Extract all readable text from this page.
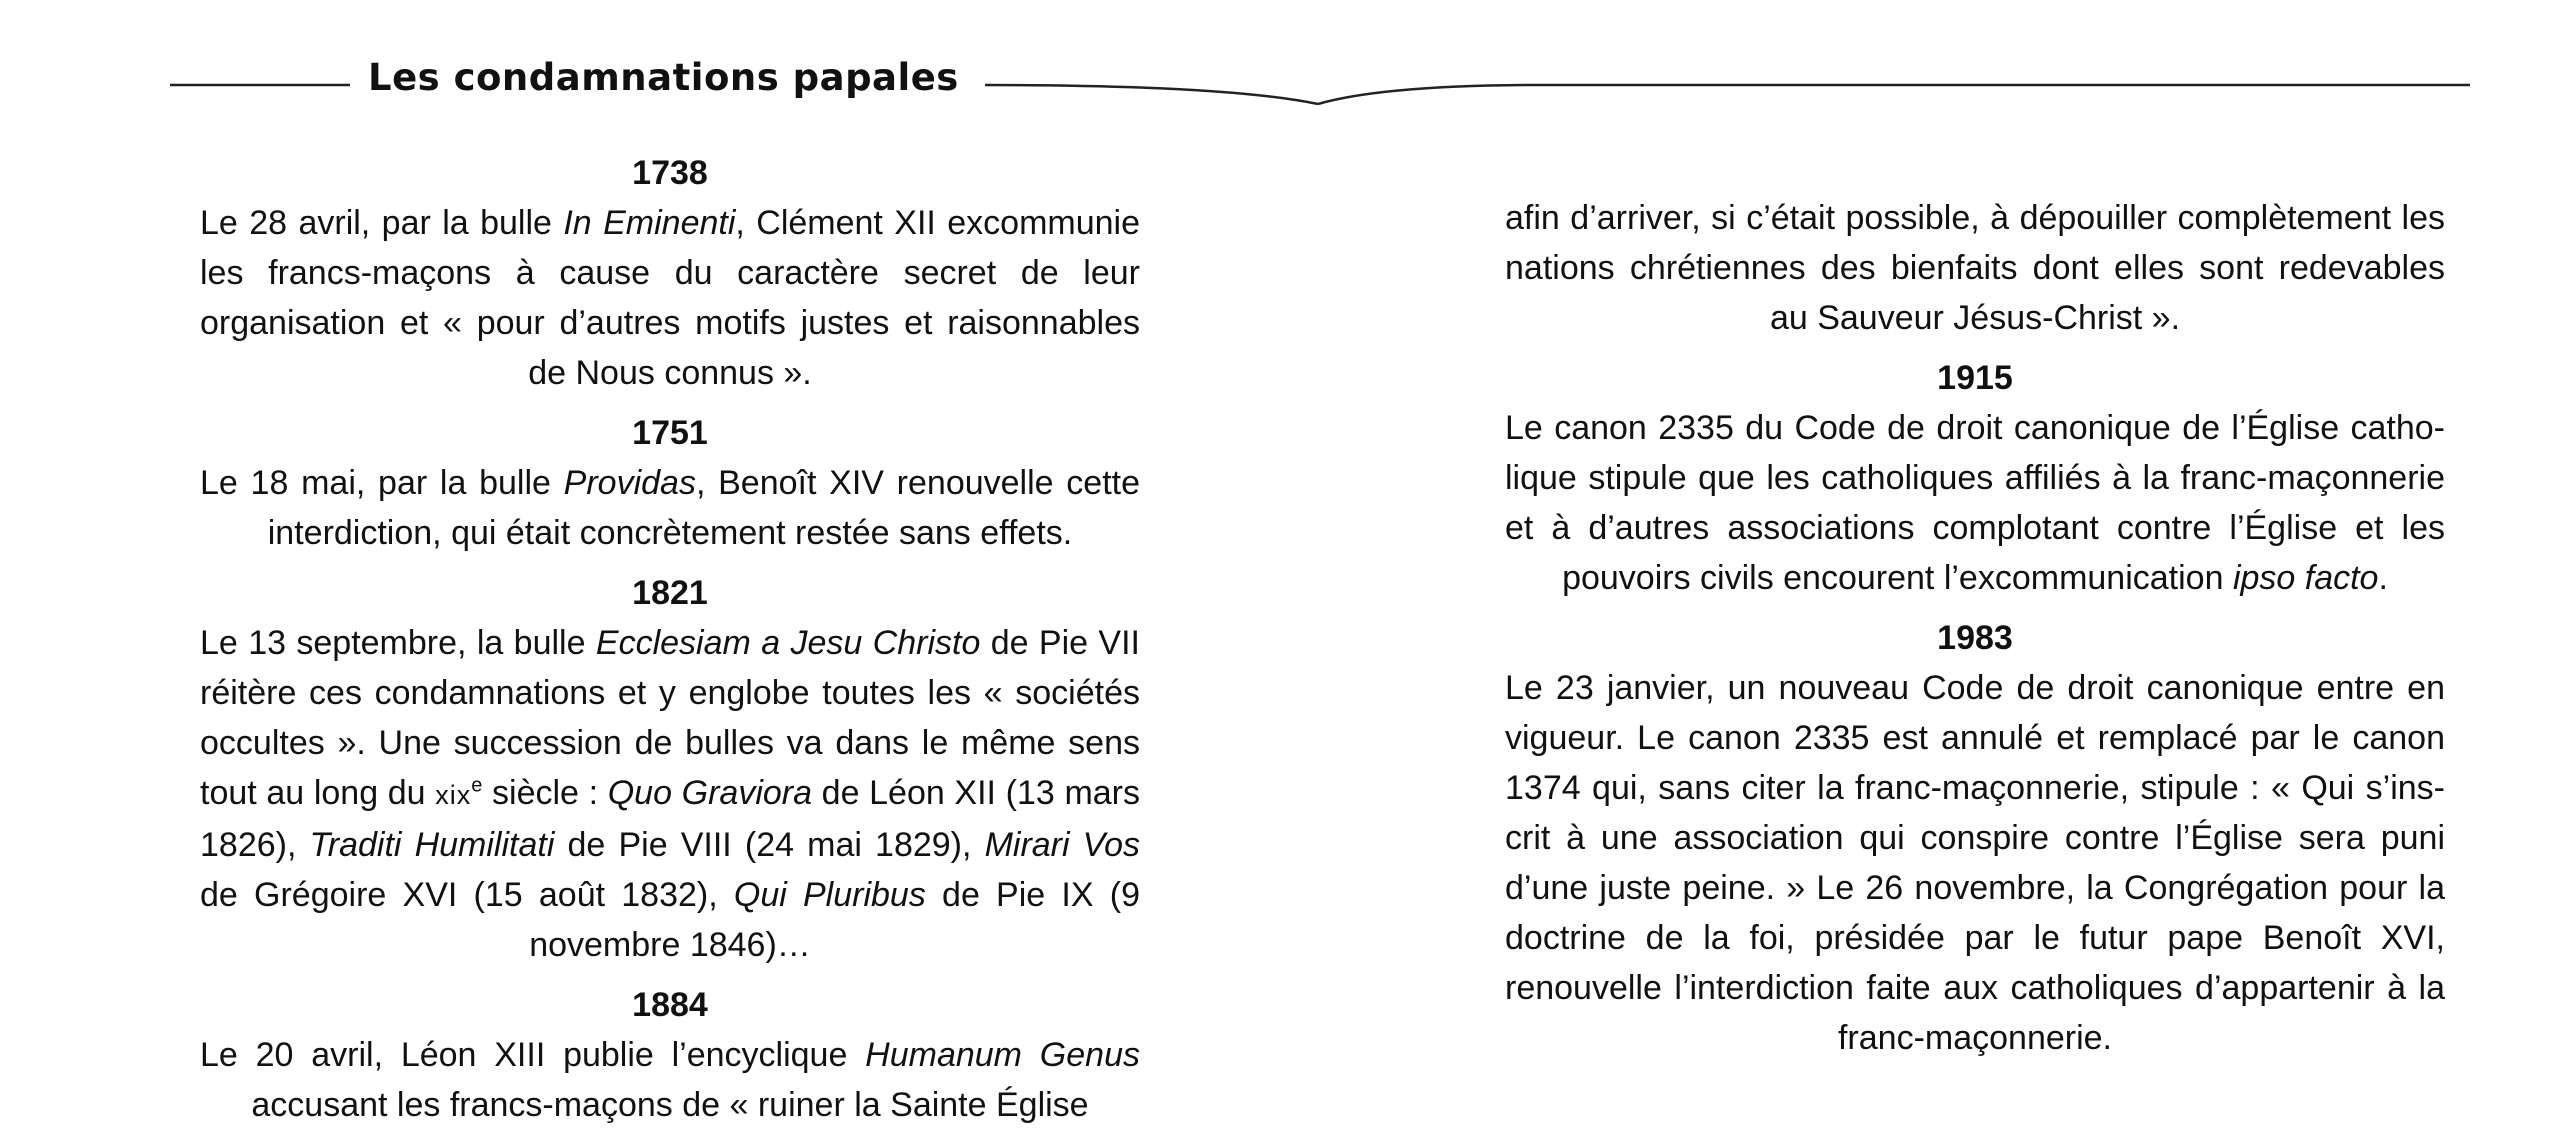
Les condamnations papales
1738
Le 28 avril, par la bulle In Eminenti, Clément XII excommunie les francs-maçons à cause du caractère secret de leur organisation et « pour d’autres motifs justes et raisonnables de Nous connus ».
1751
Le 18 mai, par la bulle Providas, Benoît XIV renouvelle cette interdiction, qui était concrètement restée sans effets.
1821
Le 13 septembre, la bulle Ecclesiam a Jesu Christo de Pie VII réitère ces condamnations et y englobe toutes les « sociétés occultes ». Une succession de bulles va dans le même sens tout au long du xix$^e$ siècle : Quo Graviora de Léon XII (13 mars 1826), Traditi Humilitati de Pie VIII (24 mai 1829), Mirari Vos de Grégoire XVI (15 août 1832), Qui Pluribus de Pie IX (9 novembre 1846)…
1884
Le 20 avril, Léon XIII publie l’encyclique Humanum Genus accusant les francs-maçons de « ruiner la Sainte Église
afin d’arriver, si c’était possible, à dépouiller complètement les nations chrétiennes des bienfaits dont elles sont redevables au Sauveur Jésus-Christ ».
1915
Le canon 2335 du Code de droit canonique de l’Église catholique stipule que les catholiques affiliés à la franc-maçonnerie et à d’autres associations complotant contre l’Église et les pouvoirs civils encourent l’excommunication ipso facto.
1983
Le 23 janvier, un nouveau Code de droit canonique entre en vigueur. Le canon 2335 est annulé et remplacé par le canon 1374 qui, sans citer la franc-maçonnerie, stipule : « Qui s’inscrit à une association qui conspire contre l’Église sera puni d’une juste peine. » Le 26 novembre, la Congrégation pour la doctrine de la foi, présidée par le futur pape Benoît XVI, renouvelle l’interdiction faite aux catholiques d’appartenir à la franc-maçonnerie.
